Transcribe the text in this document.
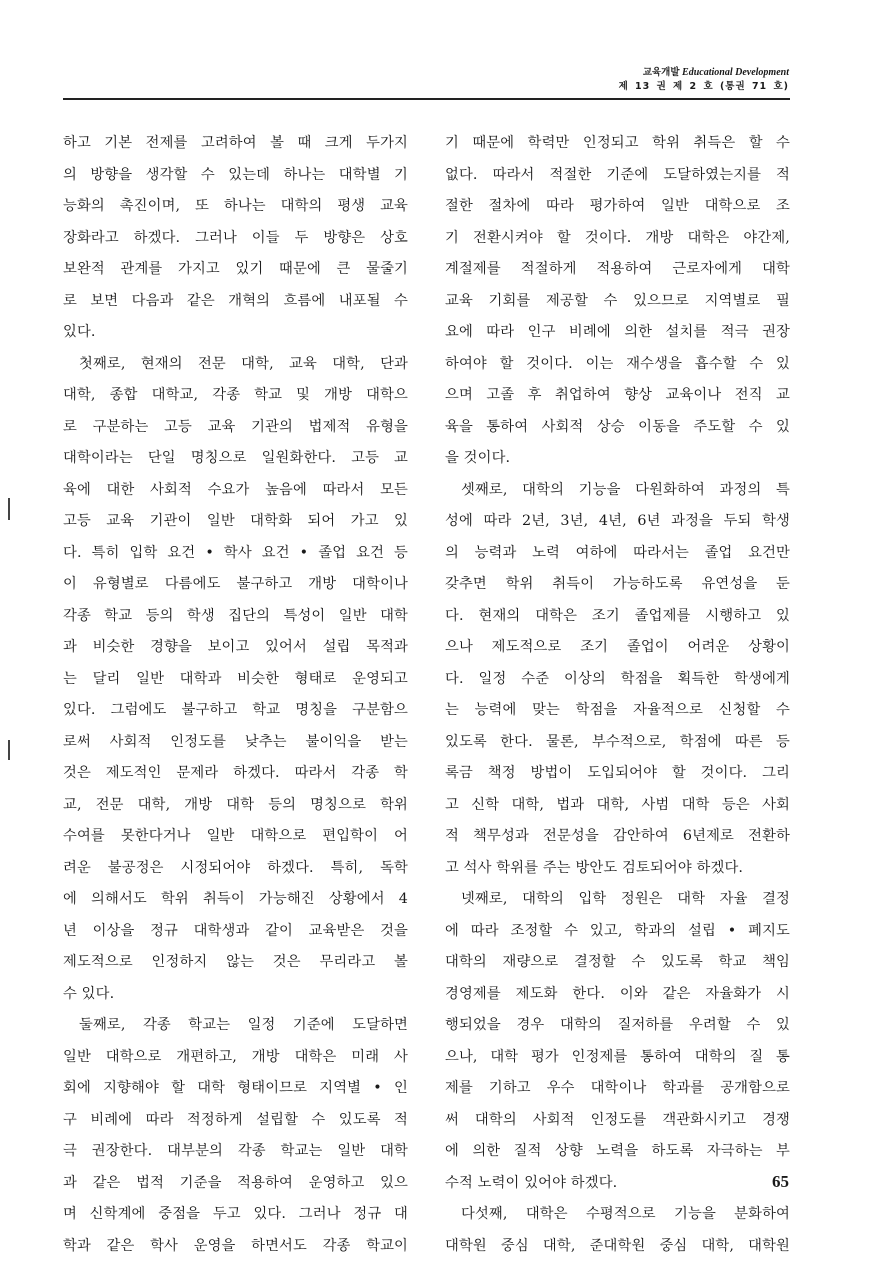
교육개발 Educational Development
제 13 권 제 2 호 (통권 71 호)

하고 기본 전제를 고려하여 볼 때 크게 두가지

의 방향을 생각할 수 있는데 하나는 대학별 기

능화의 촉진이며, 또 하나는 대학의 평생 교육

장화라고 하겠다. 그러나 이들 두 방향은 상호

보완적 관계를 가지고 있기 때문에 큰 물줄기

로 보면 다음과 같은 개혁의 흐름에 내포될 수

있다.

첫째로, 현재의 전문 대학, 교육 대학, 단과

대학, 종합 대학교, 각종 학교 및 개방 대학으

로 구분하는 고등 교육 기관의 법제적 유형을

대학이라는 단일 명칭으로 일원화한다. 고등 교

육에 대한 사회적 수요가 높음에 따라서 모든

고등 교육 기관이 일반 대학화 되어 가고 있

다. 특히 입학 요건 • 학사 요건 • 졸업 요건 등

이 유형별로 다름에도 불구하고 개방 대학이나

각종 학교 등의 학생 집단의 특성이 일반 대학

과 비슷한 경향을 보이고 있어서 설립 목적과

는 달리 일반 대학과 비슷한 형태로 운영되고

있다. 그럼에도 불구하고 학교 명칭을 구분함으

로써 사회적 인정도를 낮추는 불이익을 받는

것은 제도적인 문제라 하겠다. 따라서 각종 학

교, 전문 대학, 개방 대학 등의 명칭으로 학위

수여를 못한다거나 일반 대학으로 편입학이 어

려운 불공정은 시정되어야 하겠다. 특히, 독학

에 의해서도 학위 취득이 가능해진 상황에서 4

년 이상을 정규 대학생과 같이 교육받은 것을

제도적으로 인정하지 않는 것은 무리라고 볼

수 있다.

둘째로, 각종 학교는 일정 기준에 도달하면

일반 대학으로 개편하고, 개방 대학은 미래 사

회에 지향해야 할 대학 형태이므로 지역별 • 인

구 비례에 따라 적정하게 설립할 수 있도록 적

극 권장한다. 대부분의 각종 학교는 일반 대학

과 같은 법적 기준을 적용하여 운영하고 있으

며 신학계에 중점을 두고 있다. 그러나 정규 대

학과 같은 학사 운영을 하면서도 각종 학교이

기 때문에 학력만 인정되고 학위 취득은 할 수

없다. 따라서 적절한 기준에 도달하였는지를 적

절한 절차에 따라 평가하여 일반 대학으로 조

기 전환시켜야 할 것이다. 개방 대학은 야간제,

계절제를 적절하게 적용하여 근로자에게 대학

교육 기회를 제공할 수 있으므로 지역별로 필

요에 따라 인구 비례에 의한 설치를 적극 권장

하여야 할 것이다. 이는 재수생을 흡수할 수 있

으며 고졸 후 취업하여 향상 교육이나 전직 교

육을 통하여 사회적 상승 이동을 주도할 수 있

을 것이다.

셋째로, 대학의 기능을 다원화하여 과정의 특

성에 따라 2년, 3년, 4년, 6년 과정을 두되 학생

의 능력과 노력 여하에 따라서는 졸업 요건만

갖추면 학위 취득이 가능하도록 유연성을 둔

다. 현재의 대학은 조기 졸업제를 시행하고 있

으나 제도적으로 조기 졸업이 어려운 상황이

다. 일정 수준 이상의 학점을 획득한 학생에게

는 능력에 맞는 학점을 자율적으로 신청할 수

있도록 한다. 물론, 부수적으로, 학점에 따른 등

록금 책정 방법이 도입되어야 할 것이다. 그리

고 신학 대학, 법과 대학, 사범 대학 등은 사회

적 책무성과 전문성을 감안하여 6년제로 전환하

고 석사 학위를 주는 방안도 검토되어야 하겠다.

넷째로, 대학의 입학 정원은 대학 자율 결정

에 따라 조정할 수 있고, 학과의 설립 • 폐지도

대학의 재량으로 결정할 수 있도록 학교 책임

경영제를 제도화 한다. 이와 같은 자율화가 시

행되었을 경우 대학의 질저하를 우려할 수 있

으나, 대학 평가 인정제를 통하여 대학의 질 통

제를 기하고 우수 대학이나 학과를 공개함으로

써 대학의 사회적 인정도를 객관화시키고 경쟁

에 의한 질적 상향 노력을 하도록 자극하는 부

수적 노력이 있어야 하겠다.

다섯째, 대학은 수평적으로 기능을 분화하여

대학원 중심 대학, 준대학원 중심 대학, 대학원

65
